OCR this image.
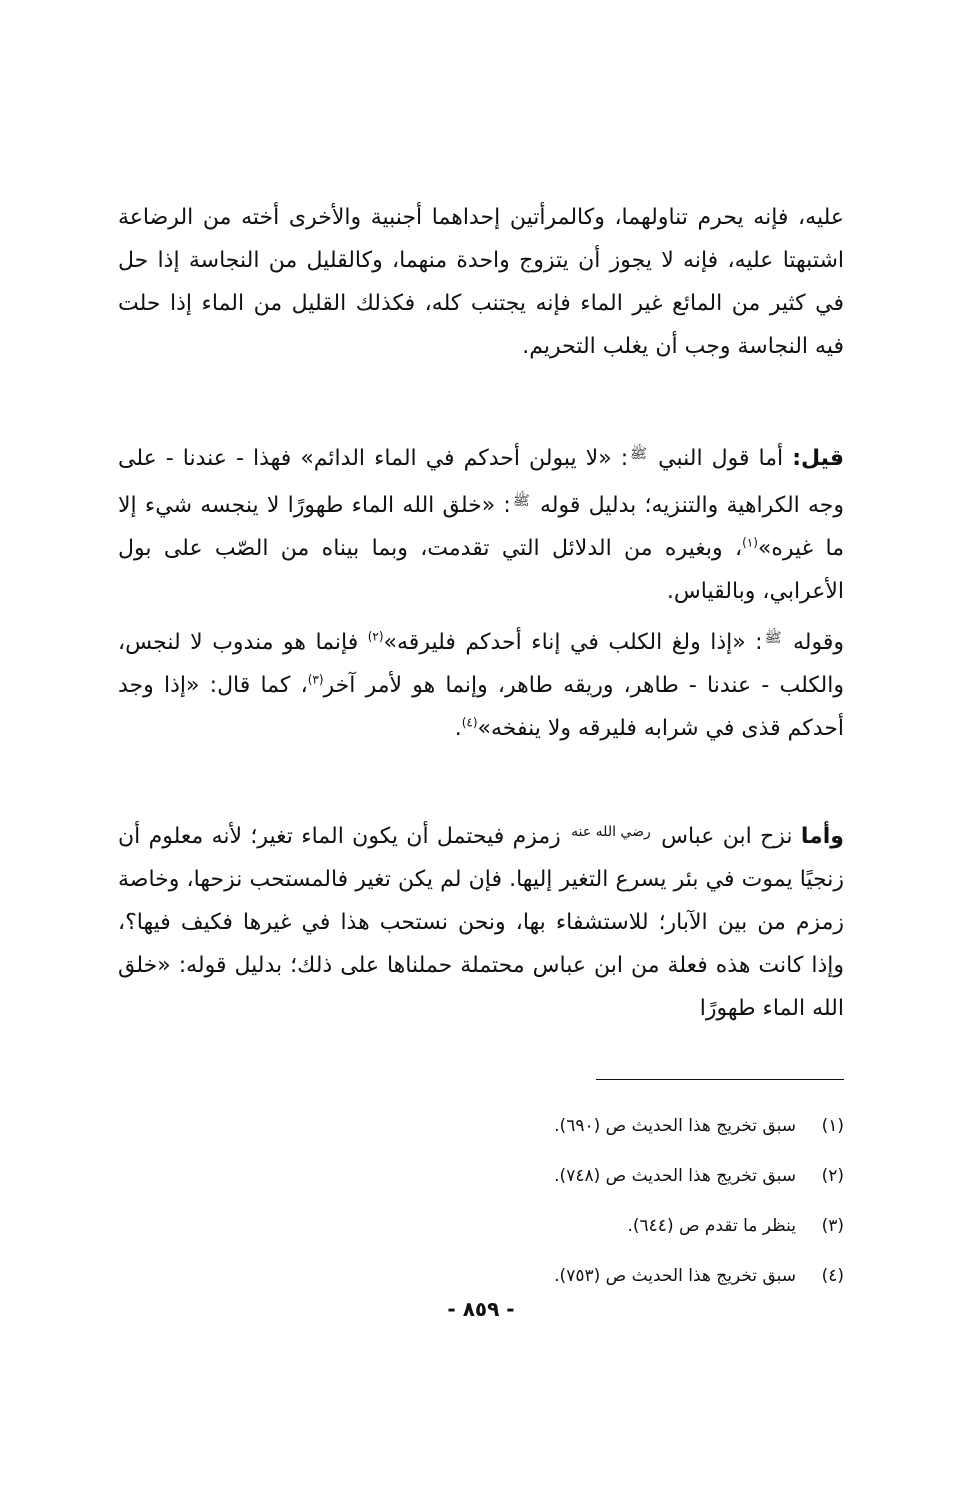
عليه، فإنه يحرم تناولهما، وكالمرأتين إحداهما أجنبية والأخرى أخته من الرضاعة اشتبهتا عليه، فإنه لا يجوز أن يتزوج واحدة منهما، وكالقليل من النجاسة إذا حل في كثير من المائع غير الماء فإنه يجتنب كله، فكذلك القليل من الماء إذا حلت فيه النجاسة وجب أن يغلب التحريم.

قيل: أما قول النبي ﷺ: «لا يبولن أحدكم في الماء الدائم» فهذا - عندنا - على وجه الكراهية والتنزيه؛ بدليل قوله ﷺ: «خلق الله الماء طهورًا لا ينجسه شيء إلا ما غيره»$^{(١)}$، وبغيره من الدلائل التي تقدمت، وبما بيناه من الصّب على بول الأعرابي، وبالقياس.

وقوله ﷺ: «إذا ولغ الكلب في إناء أحدكم فليرقه»$^{(٢)}$ فإنما هو مندوب لا لنجس، والكلب - عندنا - طاهر، وريقه طاهر، وإنما هو لأمر آخر$^{(٣)}$، كما قال: «إذا وجد أحدكم قذى في شرابه فليرقه ولا ينفخه»$^{(٤)}$.

وأما نزح ابن عباس رضي الله عنه زمزم فيحتمل أن يكون الماء تغير؛ لأنه معلوم أن زنجيًا يموت في بئر يسرع التغير إليها. فإن لم يكن تغير فالمستحب نزحها، وخاصة زمزم من بين الآبار؛ للاستشفاء بها، ونحن نستحب هذا في غيرها فكيف فيها؟، وإذا كانت هذه فعلة من ابن عباس محتملة حملناها على ذلك؛ بدليل قوله: «خلق الله الماء طهورًا

(١)
سبق تخريج هذا الحديث ص (٦٩٠).
(٢)
سبق تخريج هذا الحديث ص (٧٤٨).
(٣)
ينظر ما تقدم ص (٦٤٤).
(٤)
سبق تخريج هذا الحديث ص (٧٥٣).
- ٨٥٩ -
